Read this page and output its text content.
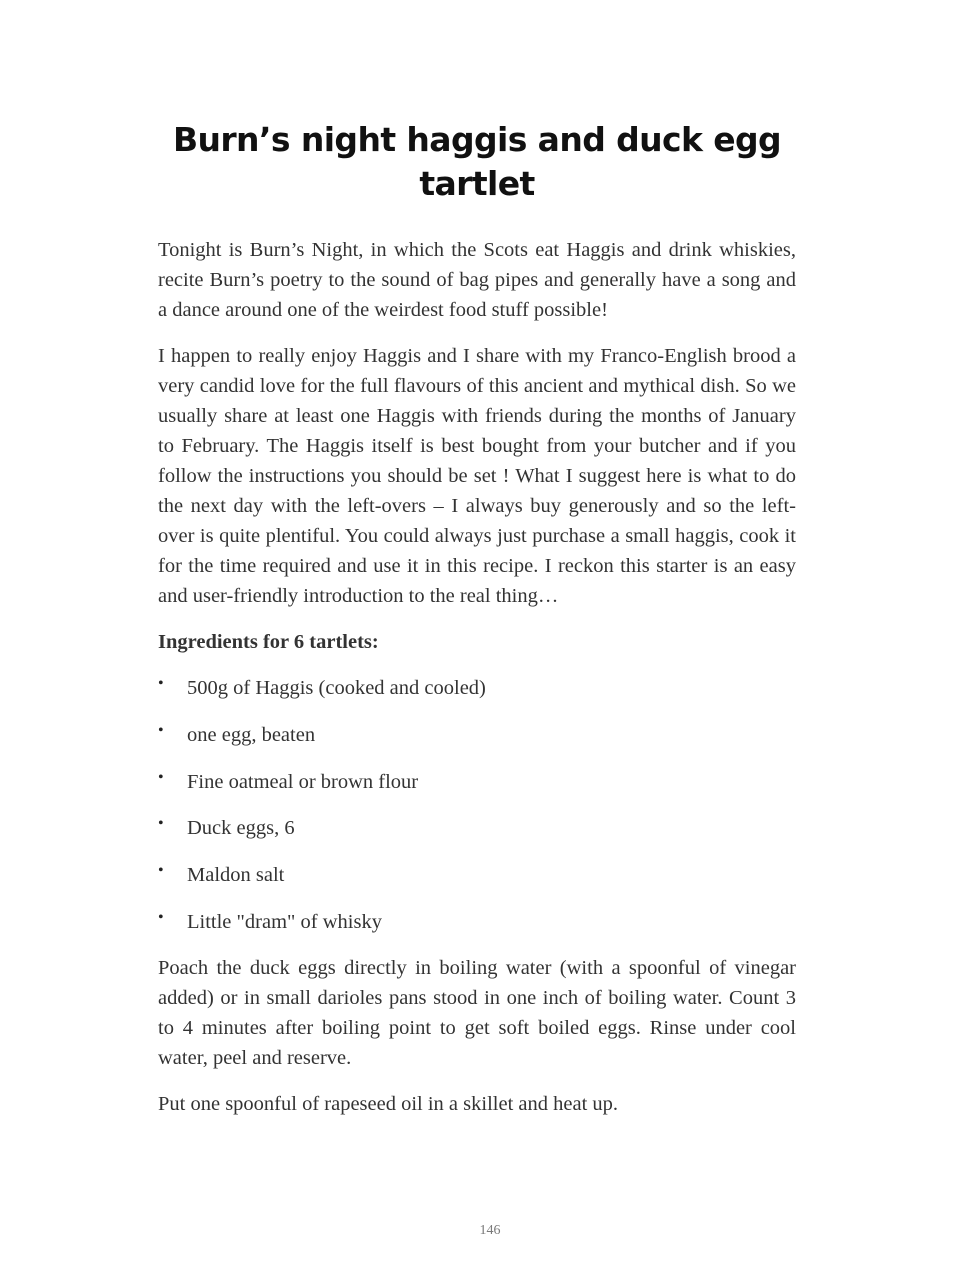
Burn’s night haggis and duck egg tartlet

Tonight is Burn’s Night, in which the Scots eat Haggis and drink whiskies, recite Burn’s poetry to the sound of bag pipes and generally have a song and a dance around one of the weirdest food stuff possible!

I happen to really enjoy Haggis and I share with my Franco-English brood a very candid love for the full flavours of this ancient and mythical dish. So we usually share at least one Haggis with friends during the months of January to February. The Haggis itself is best bought from your butcher and if you follow the instructions you should be set ! What I suggest here is what to do the next day with the left-overs – I always buy generously and so the left-over is quite plentiful. You could always just purchase a small haggis, cook it for the time required and use it in this recipe. I reckon this starter is an easy and user-friendly introduction to the real thing…

Ingredients for 6 tartlets:

• 500g of Haggis (cooked and cooled)
• one egg, beaten
• Fine oatmeal or brown flour
• Duck eggs, 6
• Maldon salt
• Little "dram" of whisky

Poach the duck eggs directly in boiling water (with a spoonful of vinegar added) or in small darioles pans stood in one inch of boiling water. Count 3 to 4 minutes after boiling point to get soft boiled eggs. Rinse under cool water, peel and reserve.

Put one spoonful of rapeseed oil in a skillet and heat up.

146
